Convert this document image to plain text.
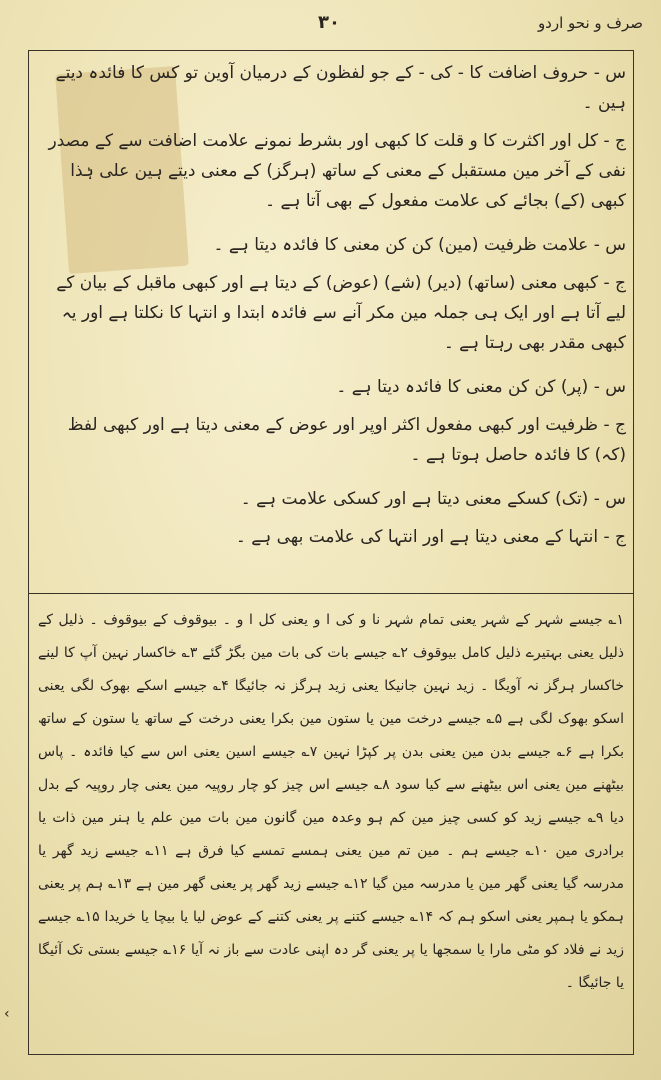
صرف و نحو اردو
۳۰

س - حروف اضافت کا - کی - کے جو لفظون کے درمیان آوین تو کس کا فائدہ دیتے ہین ۔

ج - کل اور اکثرت کا و قلت کا کبھی اور بشرط نمونے علامت اضافت سے کے مصدر نفی کے آخر مین مستقبل کے معنی کے ساتھ (ہرگز) کے معنی دیتے ہین علی ہٰذا کبھی (کے) بجائے کی علامت مفعول کے بھی آتا ہے ۔

س - علامت ظرفیت (مین) کن کن معنی کا فائدہ دیتا ہے ۔

ج - کبھی معنی (ساتھ) (دیر) (شے) (عوض) کے دیتا ہے اور کبھی ماقبل کے بیان کے لیے آتا ہے اور ایک ہی جملہ مین مکر آنے سے فائدہ ابتدا و انتہا کا نکلتا ہے اور یہ کبھی مقدر بھی رہتا ہے ۔

س - (پر) کن کن معنی کا فائدہ دیتا ہے ۔

ج - ظرفیت اور کبھی مفعول اکثر اوپر اور عوض کے معنی دیتا ہے اور کبھی لفظ (کہ) کا فائدہ حاصل ہوتا ہے ۔

س - (تک) کسکے معنی دیتا ہے اور کسکی علامت ہے ۔

ج - انتہا کے معنی دیتا ہے اور انتہا کی علامت بھی ہے ۔

۱؎ جیسے شہر کے شہر یعنی تمام شہر نا و کی ا و یعنی کل ا و ۔ بیوقوف کے بیوقوف ۔ ذلیل کے ذلیل یعنی بہتیرے ذلیل کامل بیوقوف ۲؎ جیسے بات کی بات مین بگڑ گئے ۳؎ خاکسار نہین آپ کا لینے خاکسار ہرگز نہ آویگا ۔ زید نہین جانیکا یعنی زید ہرگز نہ جائیگا ۴؎ جیسے اسکے بھوک لگی یعنی اسکو بھوک لگی ہے ۵؎ جیسے درخت مین یا ستون مین بکرا یعنی درخت کے ساتھ یا ستون کے ساتھ بکرا ہے ۶؎ جیسے بدن مین یعنی بدن پر کپڑا نہین ۷؎ جیسے اسین یعنی اس سے کیا فائدہ ۔ پاس بیٹھنے مین یعنی اس بیٹھنے سے کیا سود ۸؎ جیسے اس چیز کو چار روپیہ مین یعنی چار روپیہ کے بدل دیا ۹؎ جیسے زید کو کسی چیز مین کم ہو وعدہ مین گانون مین بات مین علم یا ہنر مین ذات یا برادری مین ۱۰؎ جیسے ہم ۔ مین تم مین یعنی ہمسے تمسے کیا فرق ہے ۱۱؎ جیسے زید گھر یا مدرسہ گیا یعنی گھر مین یا مدرسہ مین گیا ۱۲؎ جیسے زید گھر پر یعنی گھر مین ہے ۱۳؎ ہم پر یعنی ہمکو یا ہمپر یعنی اسکو ہم کہ ۱۴؎ جیسے کتنے پر یعنی کتنے کے عوض لیا یا بیچا یا خریدا ۱۵؎ جیسے زید نے فلاد کو مٹی مارا یا سمجھا یا پر یعنی گر دہ اپنی عادت سے باز نہ آیا ۱۶؎ جیسے بستی تک آئیگا یا جائیگا ۔

‹
